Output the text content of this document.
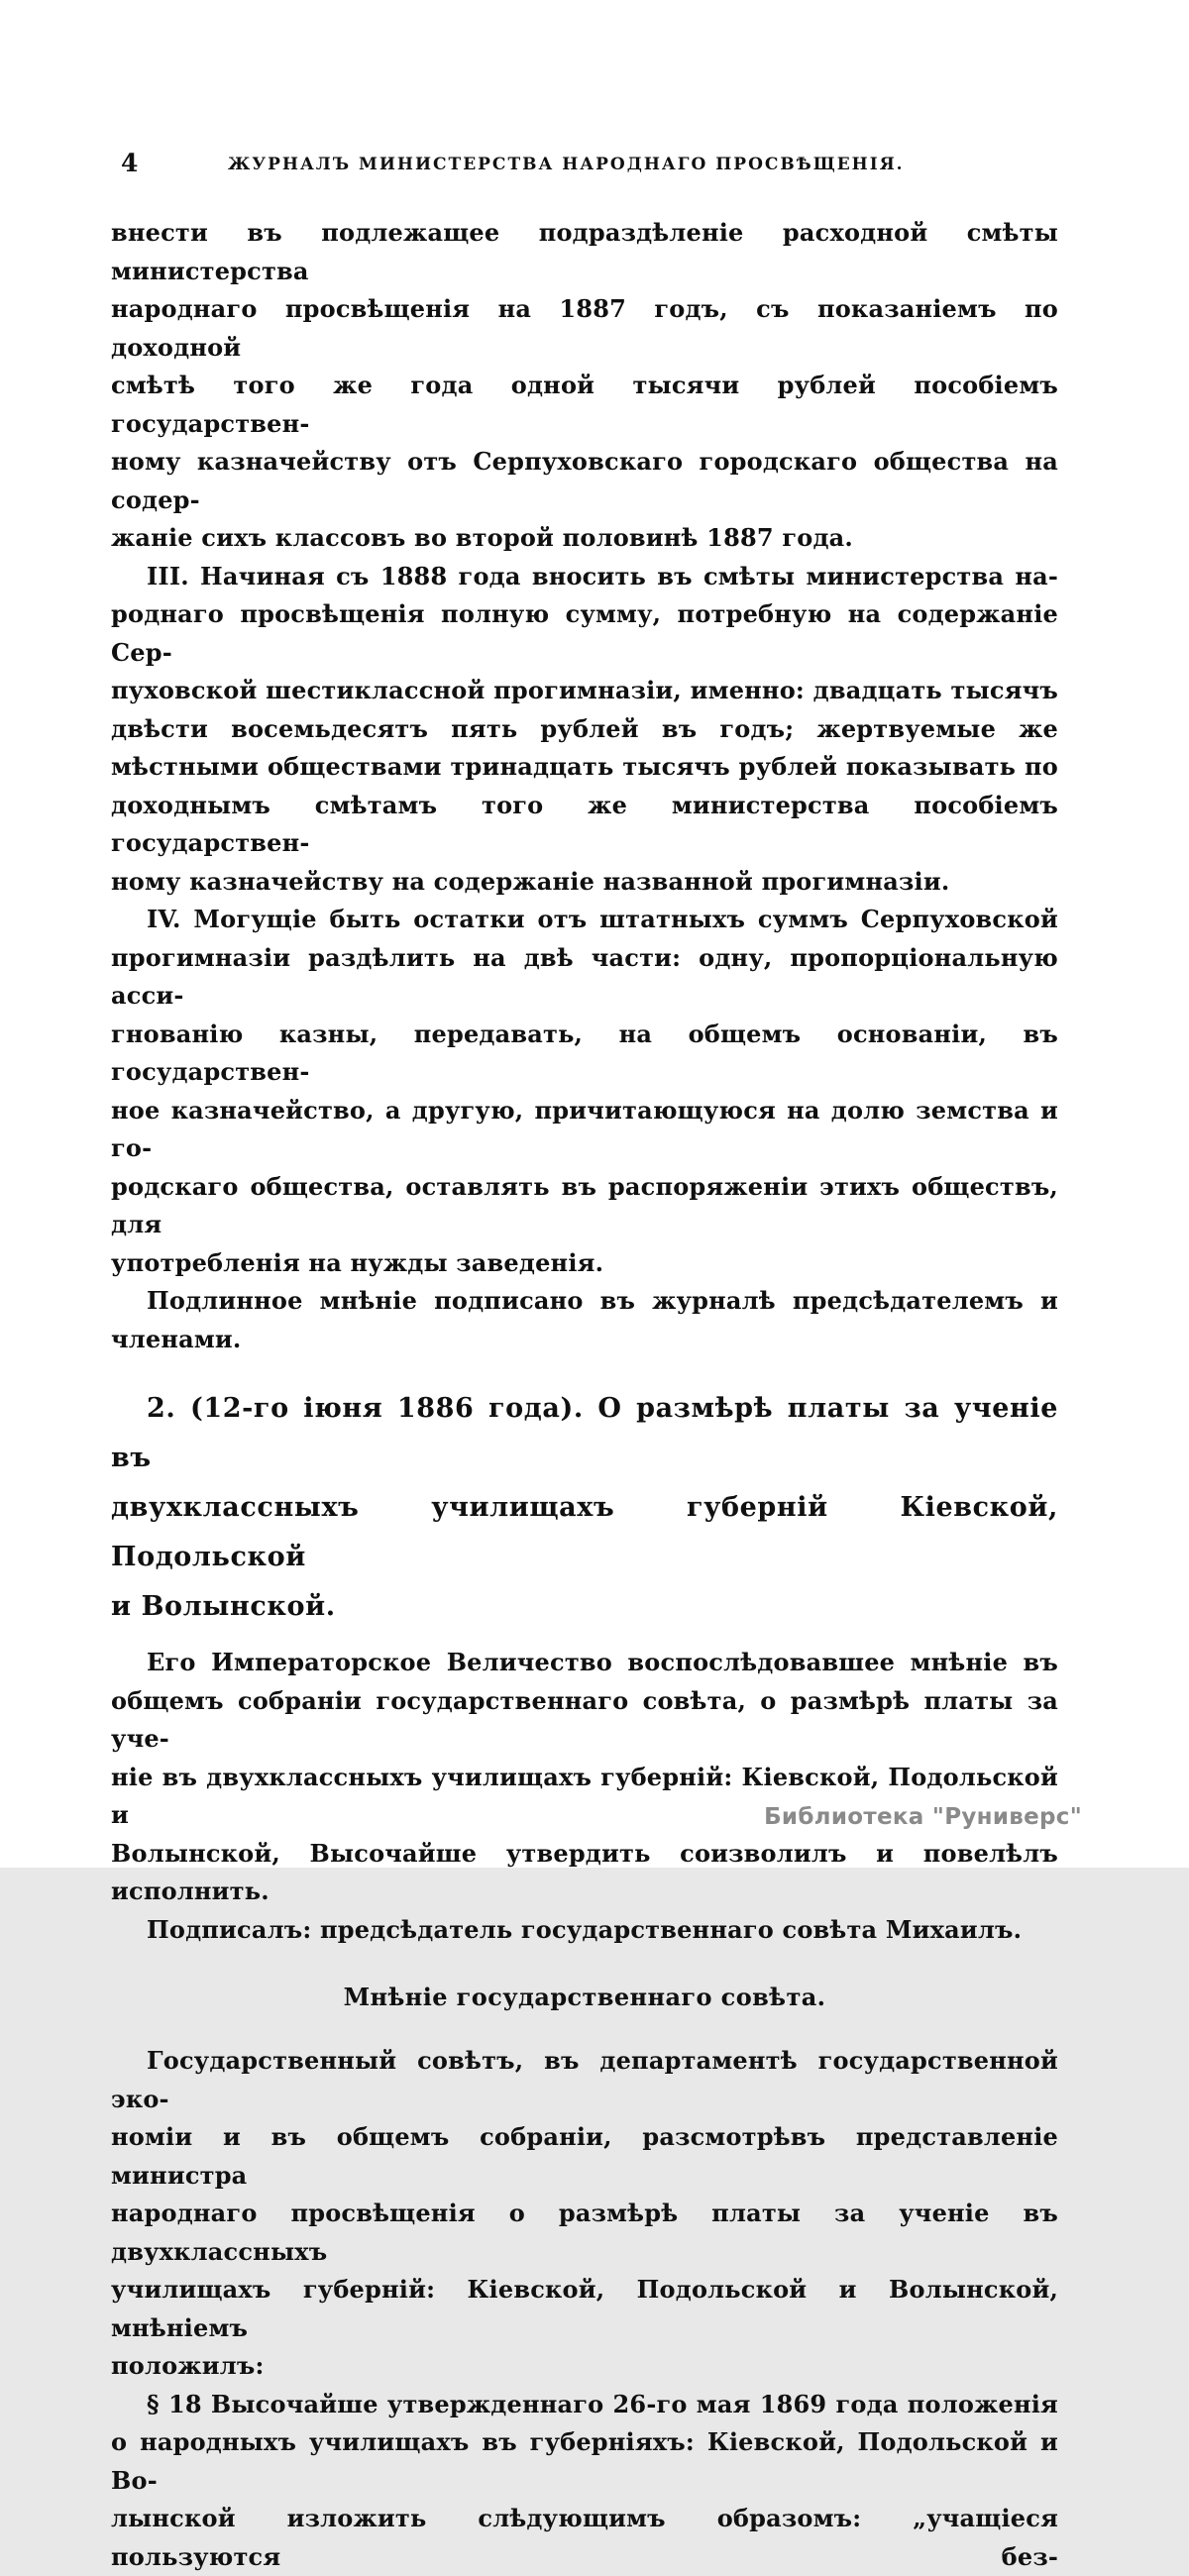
4	ЖУРНАЛЪ МИНИСТЕРСТВА НАРОДНАГО ПРОСВѢЩЕНІЯ.
внести въ подлежащее подраздѣленіе расходной смѣты министерства
народнаго просвѣщенія на 1887 годъ, съ показаніемъ по доходной
смѣтѣ того же года одной тысячи рублей пособіемъ государствен-
ному казначейству отъ Серпуховскаго городскаго общества на содер-
жаніе сихъ классовъ во второй половинѣ 1887 года.
III. Начиная съ 1888 года вносить въ смѣты министерства на-
роднаго просвѣщенія полную сумму, потребную на содержаніе Сер-
пуховской шестиклассной прогимназіи, именно: двадцать тысячъ
двѣсти восемьдесятъ пять рублей въ годъ; жертвуемые же
мѣстными обществами тринадцать тысячъ рублей показывать по
доходнымъ смѣтамъ того же министерства пособіемъ государствен-
ному казначейству на содержаніе названной прогимназіи.
IV. Могущіе быть остатки отъ штатныхъ суммъ Серпуховской
прогимназіи раздѣлить на двѣ части: одну, пропорціональную асси-
гнованію казны, передавать, на общемъ основаніи, въ государствен-
ное казначейство, а другую, причитающуюся на долю земства и го-
родскаго общества, оставлять въ распоряженіи этихъ обществъ, для
употребленія на нужды заведенія.
Подлинное мнѣніе подписано въ журналѣ предсѣдателемъ и членами.
2. (12-го іюня 1886 года). О размѣрѣ платы за ученіе въ
двухклассныхъ училищахъ губерній Кіевской, Подольской
и Волынской.
Его Императорское Величество воспослѣдовавшее мнѣніе въ
общемъ собраніи государственнаго совѣта, о размѣрѣ платы за уче-
ніе въ двухклассныхъ училищахъ губерній: Кіевской, Подольской и
Волынской, Высочайше утвердить соизволилъ и повелѣлъ исполнить.
Подписалъ: предсѣдатель государственнаго совѣта Михаилъ.
Мнѣніе государственнаго совѣта.
Государственный совѣтъ, въ департаментѣ государственной эко-
номіи и въ общемъ собраніи, разсмотрѣвъ представленіе министра
народнаго просвѣщенія о размѣрѣ платы за ученіе въ двухклассныхъ
училищахъ губерній: Кіевской, Подольской и Волынской, мнѣніемъ
положилъ:
§ 18 Высочайше утвержденнаго 26-го мая 1869 года положенія
о народныхъ училищахъ въ губерніяхъ: Кіевской, Подольской и Во-
лынской изложить слѣдующимъ образомъ: „учащіеся пользуются без-
Библиотека "Руниверс"
